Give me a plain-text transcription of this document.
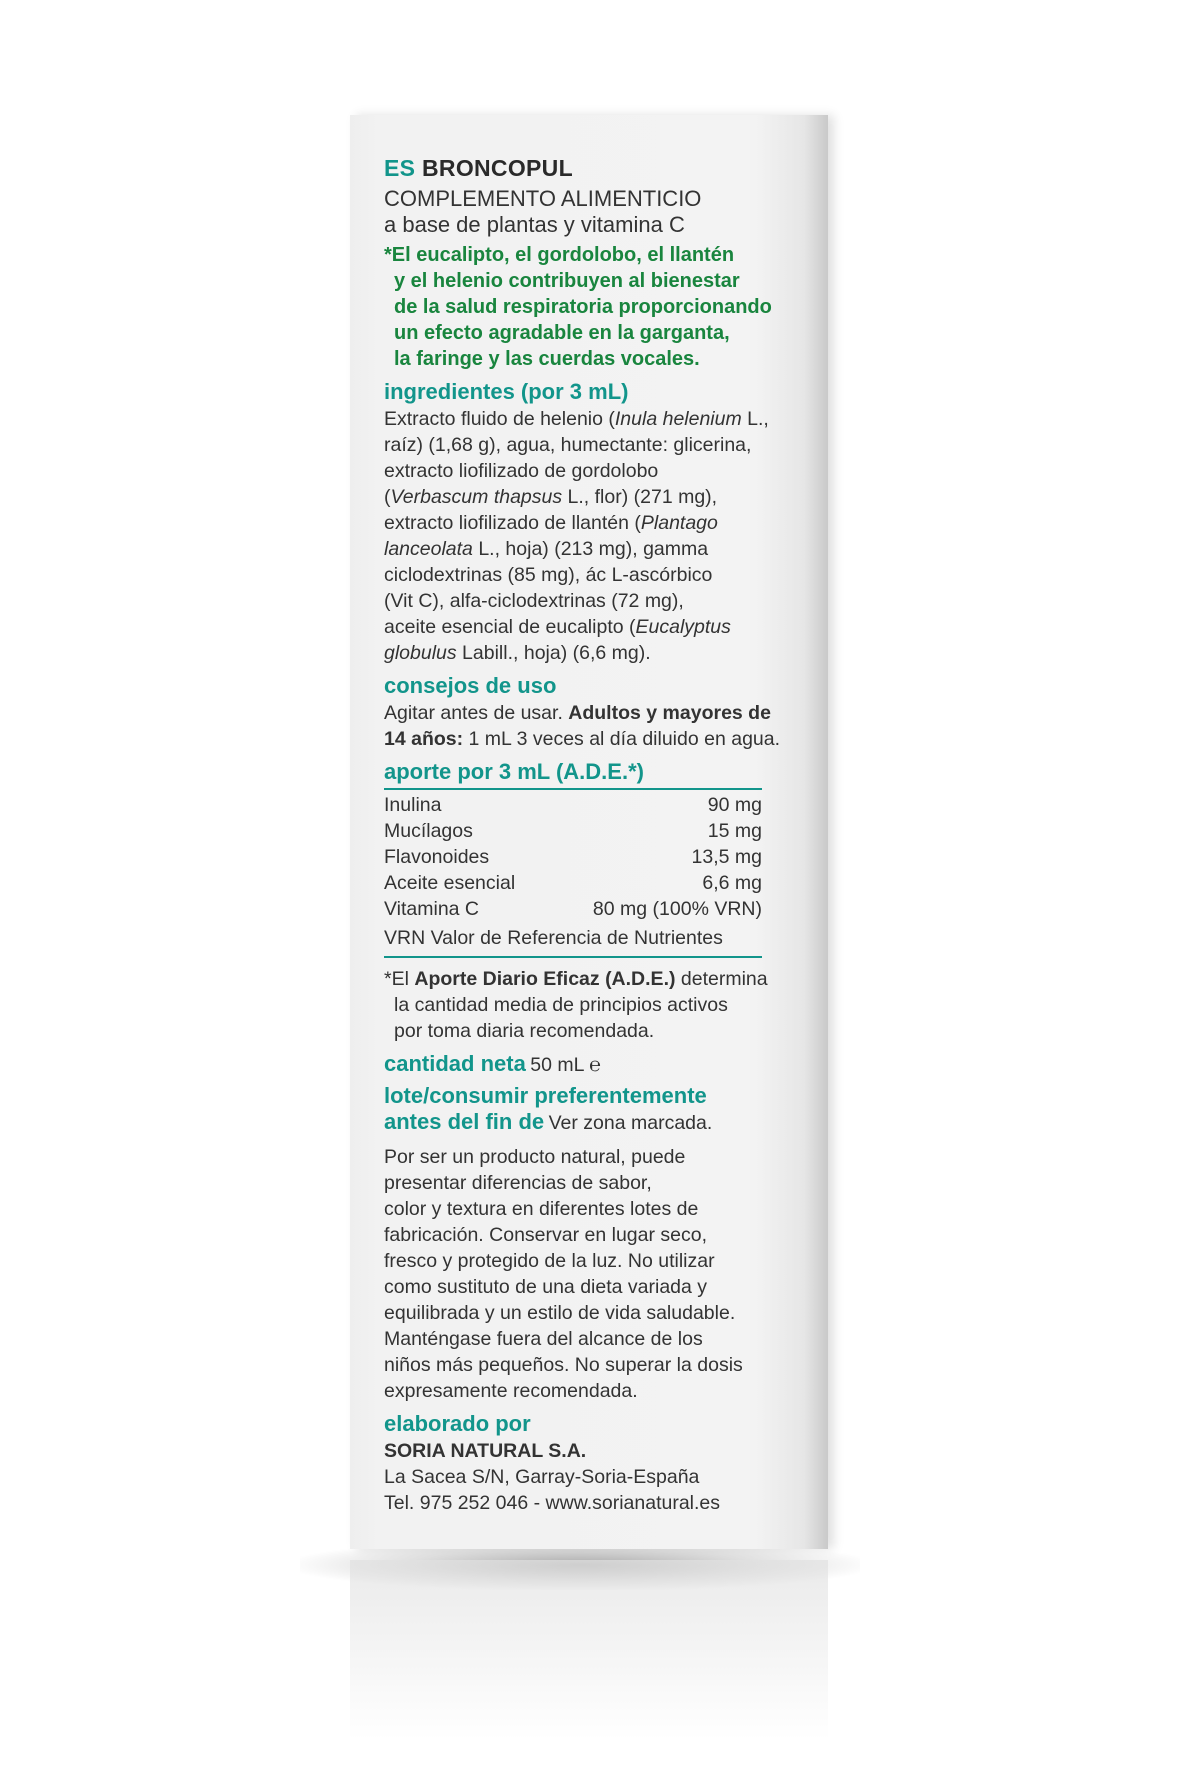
ES BRONCOPUL
COMPLEMENTO ALIMENTICIO
a base de plantas y vitamina C
*El eucalipto, el gordolobo, el llantén
y el helenio contribuyen al bienestar
de la salud respiratoria proporcionando
un efecto agradable en la garganta,
la faringe y las cuerdas vocales.
ingredientes (por 3 mL)
Extracto fluido de helenio (Inula helenium L.,
raíz) (1,68 g), agua, humectante: glicerina,
extracto liofilizado de gordolobo
(Verbascum thapsus L., flor) (271 mg),
extracto liofilizado de llantén (Plantago
lanceolata L., hoja) (213 mg), gamma
ciclodextrinas (85 mg), ác L-ascórbico
(Vit C), alfa-ciclodextrinas (72 mg),
aceite esencial de eucalipto (Eucalyptus
globulus Labill., hoja) (6,6 mg).
consejos de uso
Agitar antes de usar. Adultos y mayores de
14 años: 1 mL 3 veces al día diluido en agua.
aporte por 3 mL (A.D.E.*)
Inulina	90 mg
Mucílagos	15 mg
Flavonoides	13,5 mg
Aceite esencial	6,6 mg
Vitamina C	80 mg (100% VRN)
VRN Valor de Referencia de Nutrientes
*El Aporte Diario Eficaz (A.D.E.) determina
la cantidad media de principios activos
por toma diaria recomendada.
cantidad neta 50 mL ℮
lote/consumir preferentemente
antes del fin de Ver zona marcada.
Por ser un producto natural, puede
presentar diferencias de sabor,
color y textura en diferentes lotes de
fabricación. Conservar en lugar seco,
fresco y protegido de la luz. No utilizar
como sustituto de una dieta variada y
equilibrada y un estilo de vida saludable.
Manténgase fuera del alcance de los
niños más pequeños. No superar la dosis
expresamente recomendada.
elaborado por
SORIA NATURAL S.A.
La Sacea S/N, Garray-Soria-España
Tel. 975 252 046 - www.sorianatural.es
